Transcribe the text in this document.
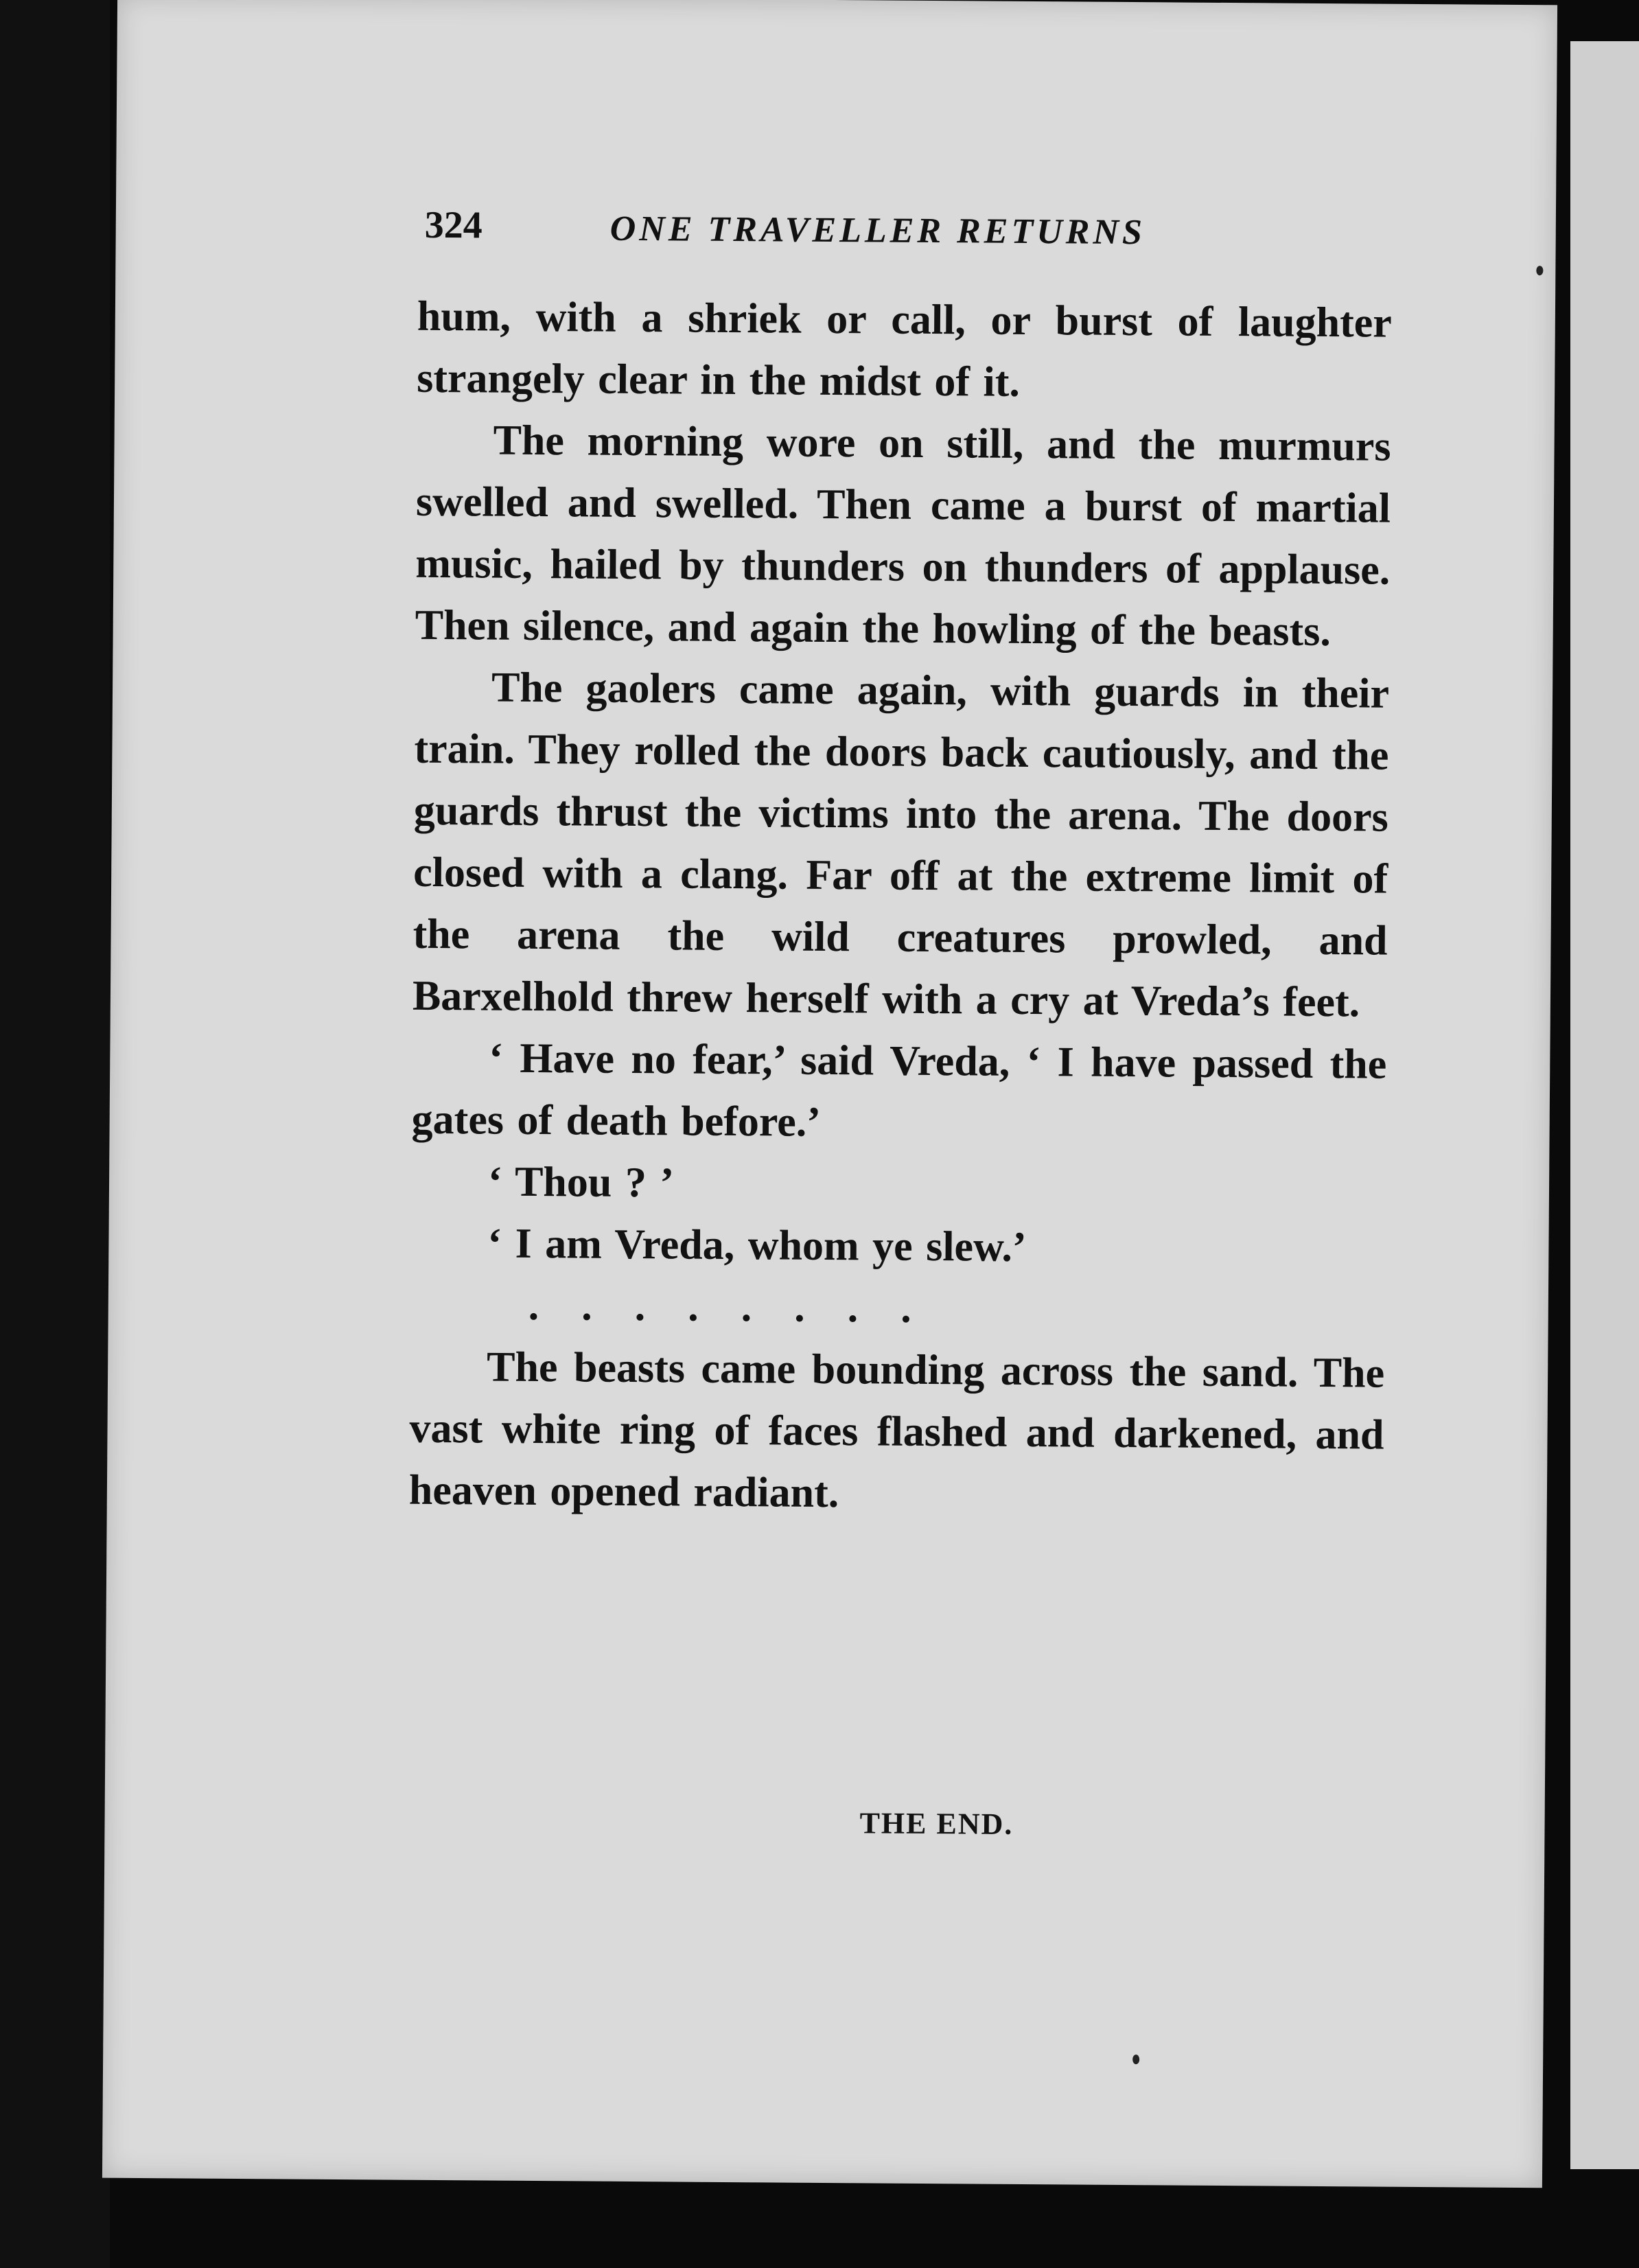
324	ONE TRAVELLER RETURNS

hum, with a shriek or call, or burst of laughter strangely clear in the midst of it.

The morning wore on still, and the murmurs swelled and swelled. Then came a burst of martial music, hailed by thunders on thunders of applause. Then silence, and again the howling of the beasts.

The gaolers came again, with guards in their train. They rolled the doors back cautiously, and the guards thrust the victims into the arena. The doors closed with a clang. Far off at the extreme limit of the arena the wild creatures prowled, and Barxelhold threw herself with a cry at Vreda’s feet.

‘ Have no fear,’ said Vreda, ‘ I have passed the gates of death before.’

‘ Thou ? ’

‘ I am Vreda, whom ye slew.’

.    .    .    .    .    .    .    .

The beasts came bounding across the sand. The vast white ring of faces flashed and darkened, and heaven opened radiant.

THE END.
